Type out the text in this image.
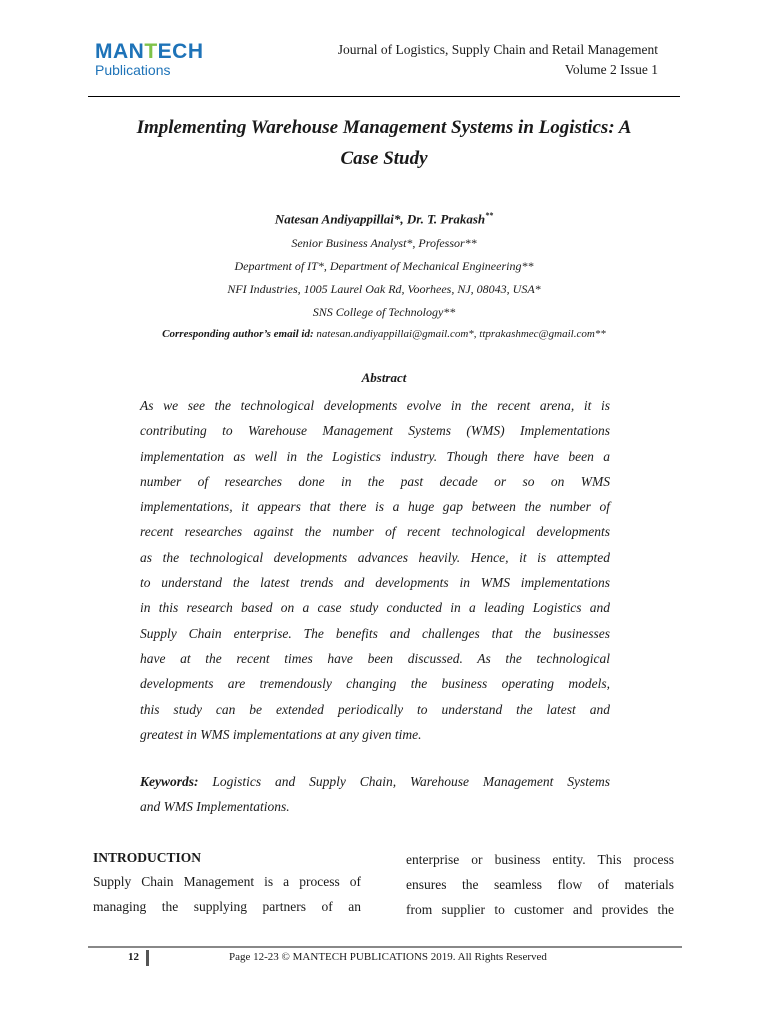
MANTECH
Publications
Journal of Logistics, Supply Chain and Retail Management
Volume 2 Issue 1
Implementing Warehouse Management Systems in Logistics: A
Case Study
Natesan Andiyappillai*, Dr. T. Prakash**
Senior Business Analyst*, Professor**
Department of IT*, Department of Mechanical Engineering**
NFI Industries, 1005 Laurel Oak Rd, Voorhees, NJ, 08043, USA*
SNS College of Technology**
Corresponding author’s email id: natesan.andiyappillai@gmail.com*, ttprakashmec@gmail.com**
Abstract
As we see the technological developments evolve in the recent arena, it is
contributing to Warehouse Management Systems (WMS) Implementations
implementation as well in the Logistics industry. Though there have been a
number of researches done in the past decade or so on WMS
implementations, it appears that there is a huge gap between the number of
recent researches against the number of recent technological developments
as the technological developments advances heavily. Hence, it is attempted
to understand the latest trends and developments in WMS implementations
in this research based on a case study conducted in a leading Logistics and
Supply Chain enterprise. The benefits and challenges that the businesses
have at the recent times have been discussed. As the technological
developments are tremendously changing the business operating models,
this study can be extended periodically to understand the latest and
greatest in WMS implementations at any given time.
Keywords: Logistics and Supply Chain, Warehouse Management Systems
and WMS Implementations.

INTRODUCTION

Supply Chain Management is a process of
managing the supplying partners of an
enterprise or business entity. This process
ensures the seamless flow of materials
from supplier to customer and provides the
12	Page 12-23 © MANTECH PUBLICATIONS 2019. All Rights Reserved
